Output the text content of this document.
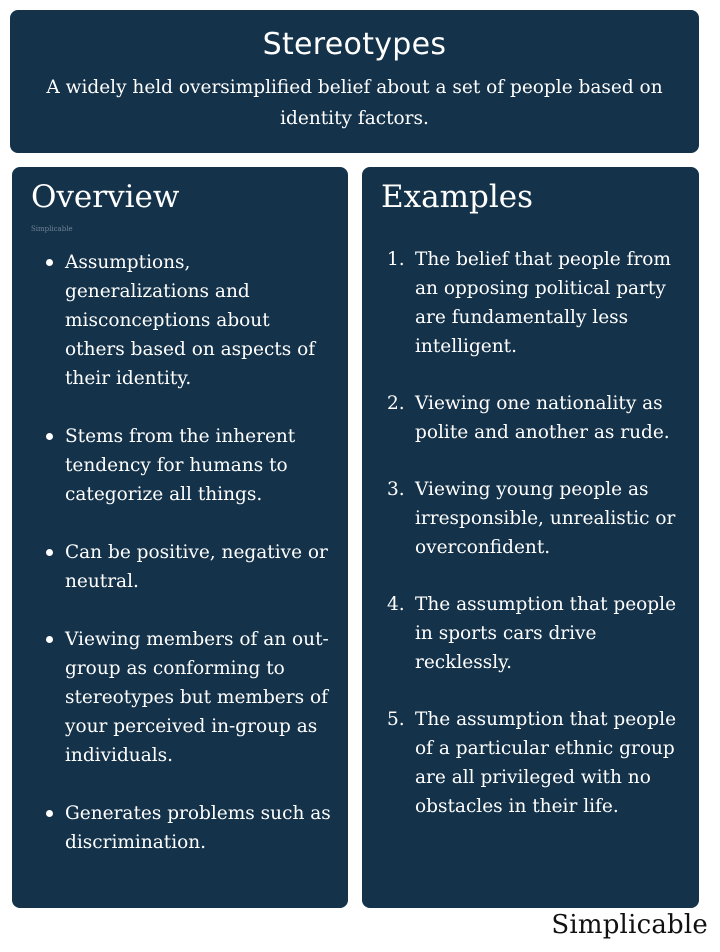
Stereotypes
A widely held oversimplified belief about a set of people based on identity factors.
Overview
Simplicable
Assumptions, generalizations and misconceptions about others based on aspects of their identity.
Stems from the inherent tendency for humans to categorize all things.
Can be positive, negative or neutral.
Viewing members of an out-group as conforming to stereotypes but members of your perceived in-group as individuals.
Generates problems such as discrimination.
Examples
1. The belief that people from an opposing political party are fundamentally less intelligent.
2. Viewing one nationality as polite and another as rude.
3. Viewing young people as irresponsible, unrealistic or overconfident.
4. The assumption that people in sports cars drive recklessly.
5. The assumption that people of a particular ethnic group are all privileged with no obstacles in their life.
Simplicable
